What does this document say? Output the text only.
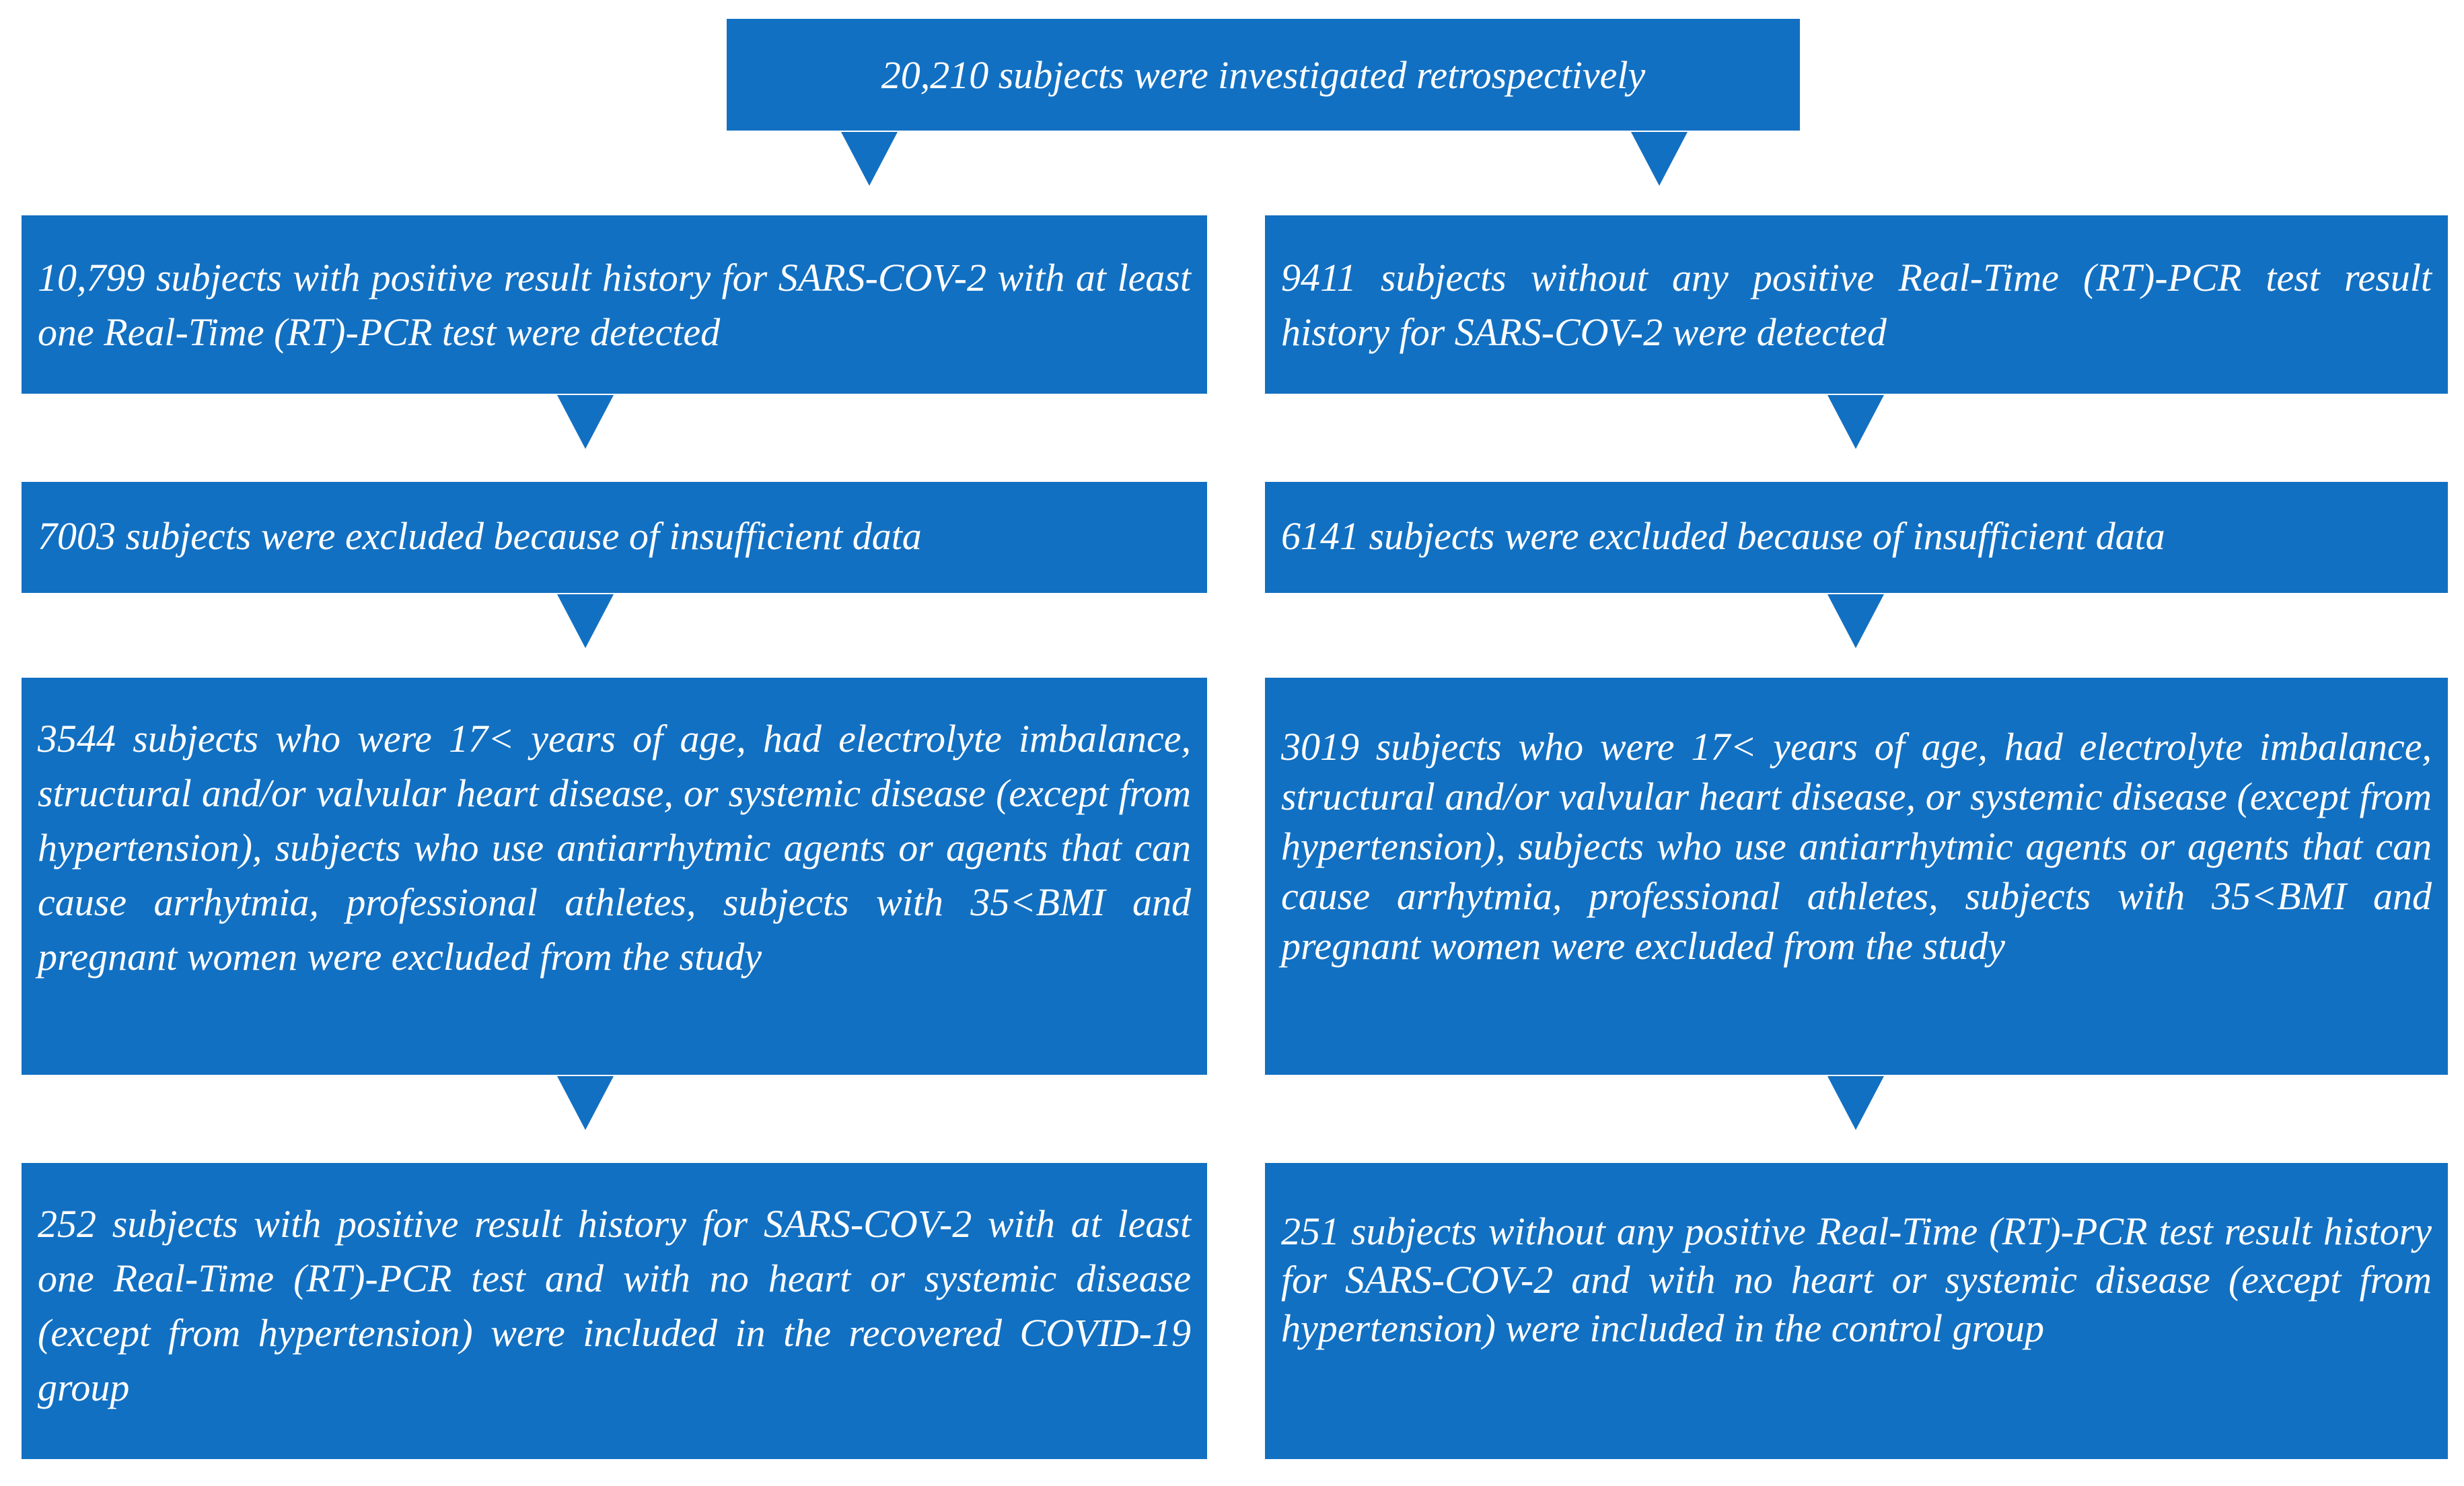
20,210 subjects were investigated retrospectively
10,799 subjects with positive result history for SARS-COV-2 with at least one Real-Time (RT)-PCR test were detected
9411 subjects without any positive Real-Time (RT)-PCR test result history for SARS-COV-2 were detected
7003 subjects were excluded because of insufficient data	6141 subjects were excluded because of insufficient data
3544 subjects who were 17< years of age, had electrolyte imbalance, structural and/or valvular heart disease, or systemic disease (except from hypertension), subjects who use antiarrhytmic agents or agents that can cause arrhytmia, professional athletes, subjects with 35<BMI and pregnant women were excluded from the study
3019 subjects who were 17< years of age, had electrolyte imbalance, structural and/or valvular heart disease, or systemic disease (except from hypertension), subjects who use antiarrhytmic agents or agents that can cause arrhytmia, professional athletes, subjects with 35<BMI and pregnant women were excluded from the study
252 subjects with positive result history for SARS-COV-2 with at least one Real-Time (RT)-PCR test and with no heart or systemic disease (except from hypertension) were included in the recovered COVID-19 group
251 subjects without any positive Real-Time (RT)-PCR test result history for SARS-COV-2 and with no heart or systemic disease (except from hypertension) were included in the control group
